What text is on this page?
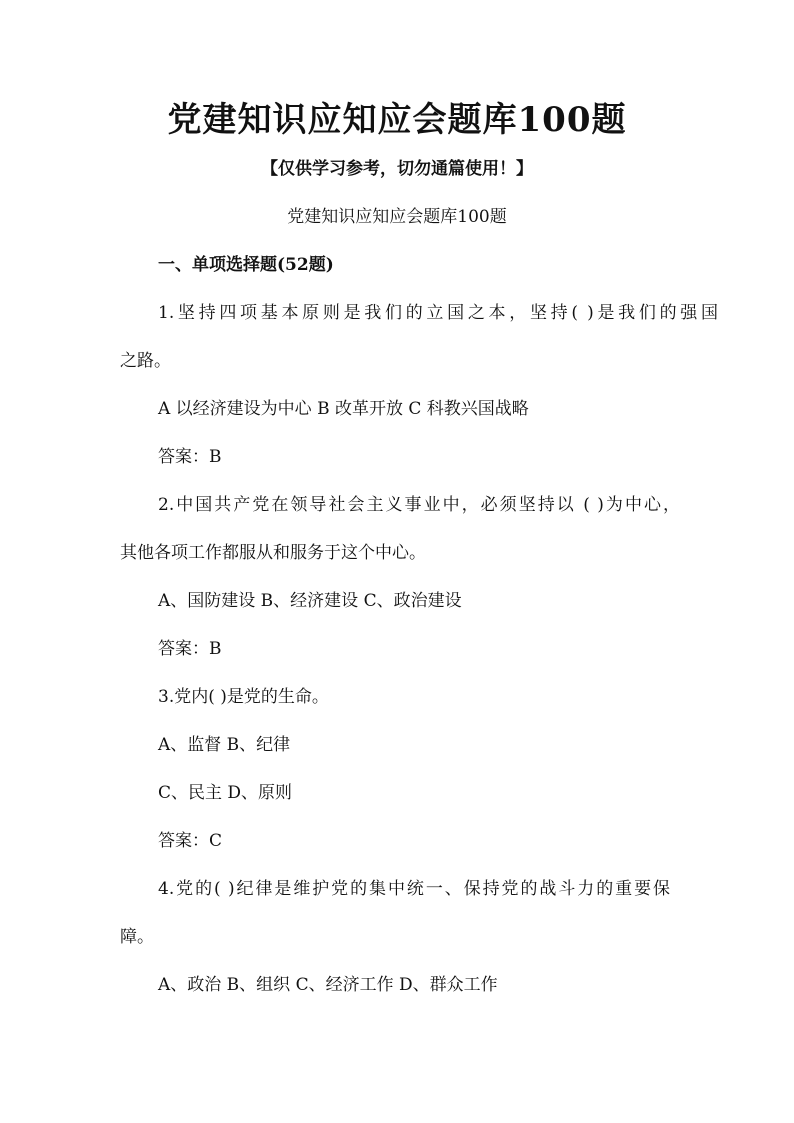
党建知识应知应会题库100题
【仅供学习参考，切勿通篇使用！】
党建知识应知应会题库100题
一、单项选择题(52题)
1.坚持四项基本原则是我们的立国之本，坚持( )是我们的强国
之路。
A 以经济建设为中心 B 改革开放 C 科教兴国战略
答案：B
2.中国共产党在领导社会主义事业中，必须坚持以 ( )为中心，
其他各项工作都服从和服务于这个中心。
A、国防建设 B、经济建设 C、政治建设
答案：B
3.党内( )是党的生命。
A、监督 B、纪律
C、民主 D、原则
答案：C
4.党的( )纪律是维护党的集中统一、保持党的战斗力的重要保
障。
A、政治 B、组织 C、经济工作 D、群众工作
